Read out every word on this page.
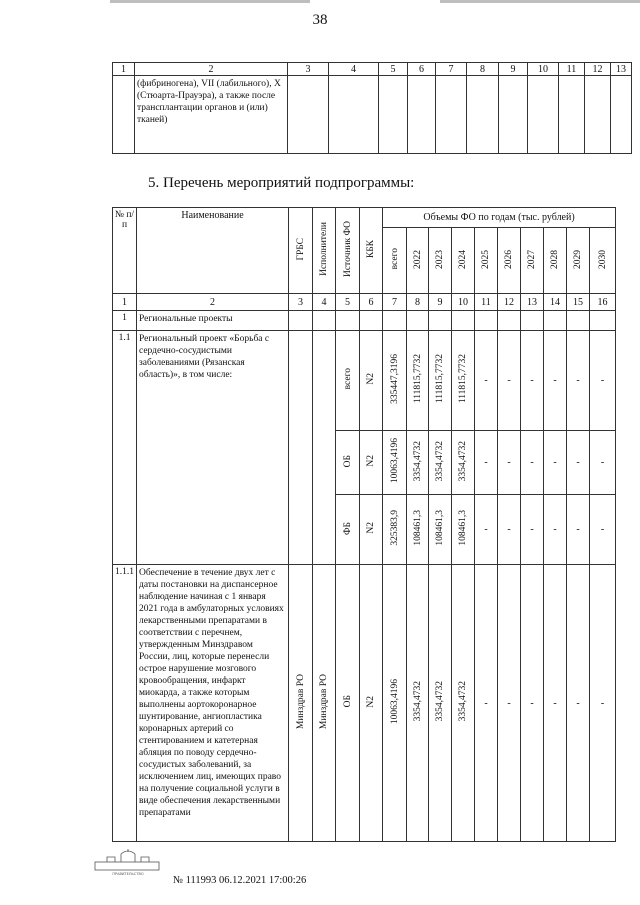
38
1	2	3	4	5	6	7	8	9	10	11	12	13
	(фибриногена), VII (лабильного), X (Стюарта-Прауэра), а также после трансплантации органов и (или) тканей)											
5. Перечень мероприятий подпрограммы:
№ п/п	Наименование	ГРБС	Исполнители	Источник ФО	КБК	Объемы ФО по годам (тыс. рублей)									
						всего	2022	2023	2024	2025	2026	2027	2028	2029	2030
1	2	3	4	5	6	7	8	9	10	11	12	13	14	15	16
1	Региональные проекты														
1.1	Региональный проект «Борьба с сердечно-сосудистыми заболеваниями (Рязанская область)», в том числе:			всего	N2	335447,3196	111815,7732	111815,7732	111815,7732	-	-	-	-	-	-
				ОБ	N2	10063,4196	3354,4732	3354,4732	3354,4732	-	-	-	-	-	-
				ФБ	N2	325383,9	108461,3	108461,3	108461,3	-	-	-	-	-	-
1.1.1	Обеспечение в течение двух лет с даты постановки на диспансерное наблюдение начиная с 1 января 2021 года в амбулаторных условиях лекарственными препаратами в соответствии с перечнем, утвержденным Минздравом России, лиц, которые перенесли острое нарушение мозгового кровообращения, инфаркт миокарда, а также которым выполнены аортокоронарное шунтирование, ангиопластика коронарных артерий со стентированием и катетерная абляция по поводу сердечно-сосудистых заболеваний, за исключением лиц, имеющих право на получение социальной услуги в виде обеспечения лекарственными препаратами	Минздрав РО	Минздрав РО	ОБ	N2	10063,4196	3354,4732	3354,4732	3354,4732	-	-	-	-	-	-
ПРАВИТЕЛЬСТВО
№ 111993 06.12.2021 17:00:26
